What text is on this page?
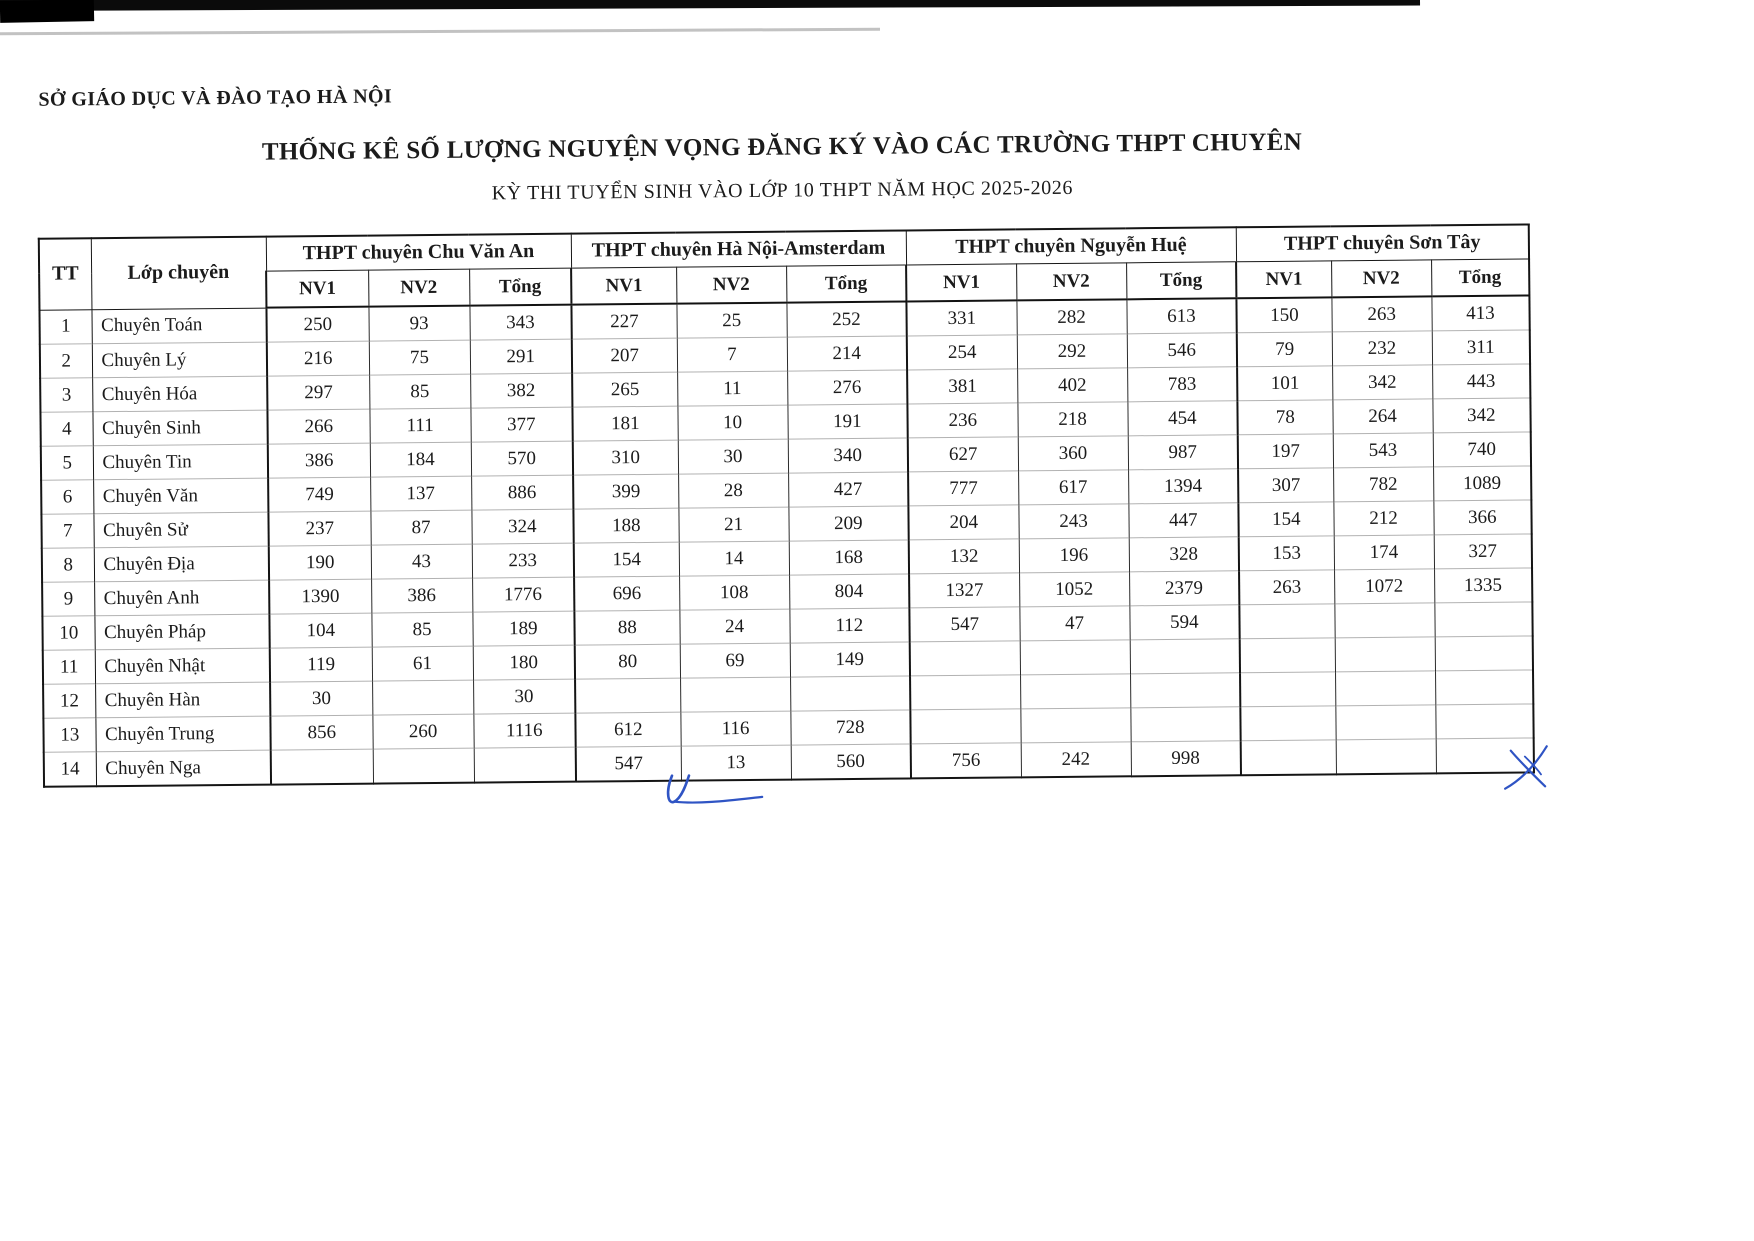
SỞ GIÁO DỤC VÀ ĐÀO TẠO HÀ NỘI
THỐNG KÊ SỐ LƯỢNG NGUYỆN VỌNG ĐĂNG KÝ VÀO CÁC TRƯỜNG THPT CHUYÊN
KỲ THI TUYỂN SINH VÀO LỚP 10 THPT NĂM HỌC 2025-2026
TT	Lớp chuyên	THPT chuyên Chu Văn An			THPT chuyên Hà Nội-Amsterdam			THPT chuyên Nguyễn Huệ			THPT chuyên Sơn Tây		
		NV1	NV2	Tổng	NV1	NV2	Tổng	NV1	NV2	Tổng	NV1	NV2	Tổng
1	Chuyên Toán	250	93	343	227	25	252	331	282	613	150	263	413
2	Chuyên Lý	216	75	291	207	7	214	254	292	546	79	232	311
3	Chuyên Hóa	297	85	382	265	11	276	381	402	783	101	342	443
4	Chuyên Sinh	266	111	377	181	10	191	236	218	454	78	264	342
5	Chuyên Tin	386	184	570	310	30	340	627	360	987	197	543	740
6	Chuyên Văn	749	137	886	399	28	427	777	617	1394	307	782	1089
7	Chuyên Sử	237	87	324	188	21	209	204	243	447	154	212	366
8	Chuyên Địa	190	43	233	154	14	168	132	196	328	153	174	327
9	Chuyên Anh	1390	386	1776	696	108	804	1327	1052	2379	263	1072	1335
10	Chuyên Pháp	104	85	189	88	24	112	547	47	594			
11	Chuyên Nhật	119	61	180	80	69	149						
12	Chuyên Hàn	30		30									
13	Chuyên Trung	856	260	1116	612	116	728						
14	Chuyên Nga				547	13	560	756	242	998			
